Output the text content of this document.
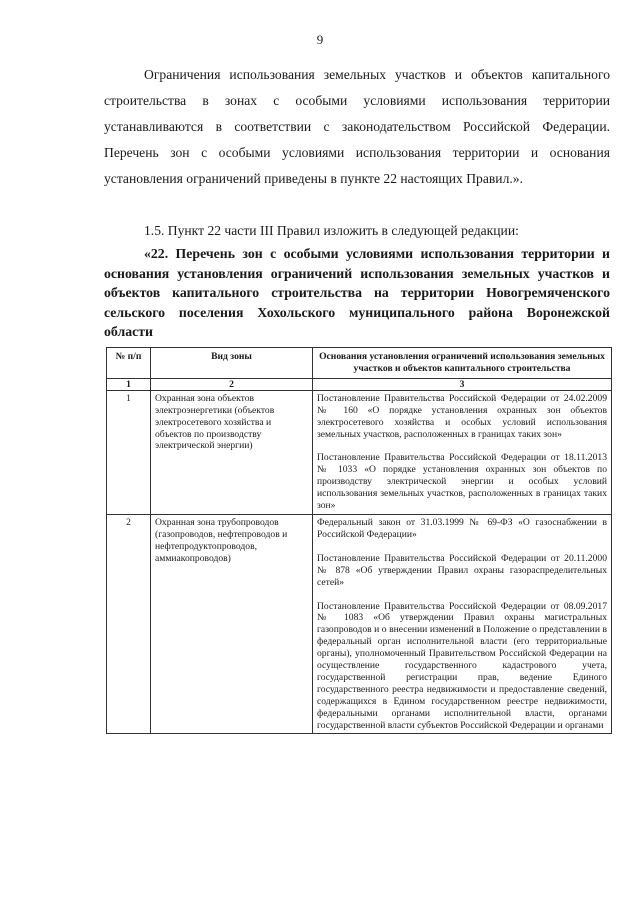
9

Ограничения использования земельных участков и объектов капитального строительства в зонах с особыми условиями использования территории устанавливаются в соответствии с законодательством Российской Федерации. Перечень зон с особыми условиями использования территории и основания установления ограничений приведены в пункте 22 настоящих Правил.».

1.5. Пункт 22 части III Правил изложить в следующей редакции:

«22. Перечень зон с особыми условиями использования территории и основания установления ограничений использования земельных участков и объектов капитального строительства на территории Новогремяченского сельского поселения Хохольского муниципального района Воронежской области

№ п/п	Вид зоны	Основания установления ограничений использования земельных участков и объектов капитального строительства
1	2	3
1	Охранная зона объектов электроэнергетики (объектов электросетевого хозяйства и объектов по производству электрической энергии)	Постановление Правительства Российской Федерации от 24.02.2009 № 160 «О порядке установления охранных зон объектов электросетевого хозяйства и особых условий использования земельных участков, расположенных в границах таких зон»
Постановление Правительства Российской Федерации от 18.11.2013 № 1033 «О порядке установления охранных зон объектов по производству электрической энергии и особых условий использования земельных участков, расположенных в границах таких зон»

2	Охранная зона трубопроводов (газопроводов, нефтепроводов и нефтепродуктопроводов, аммиакопроводов)	Федеральный закон от 31.03.1999 № 69-ФЗ «О газоснабжении в Российской Федерации»
Постановление Правительства Российской Федерации от 20.11.2000 № 878 «Об утверждении Правил охраны газораспределительных сетей»
Постановление Правительства Российской Федерации от 08.09.2017 № 1083 «Об утверждении Правил охраны магистральных газопроводов и о внесении изменений в Положение о представлении в федеральный орган исполнительной власти (его территориальные органы), уполномоченный Правительством Российской Федерации на осуществление государственного кадастрового учета, государственной регистрации прав, ведение Единого государственного реестра недвижимости и предоставление сведений, содержащихся в Едином государственном реестре недвижимости, федеральными органами исполнительной власти, органами государственной власти субъектов Российской Федерации и органами
